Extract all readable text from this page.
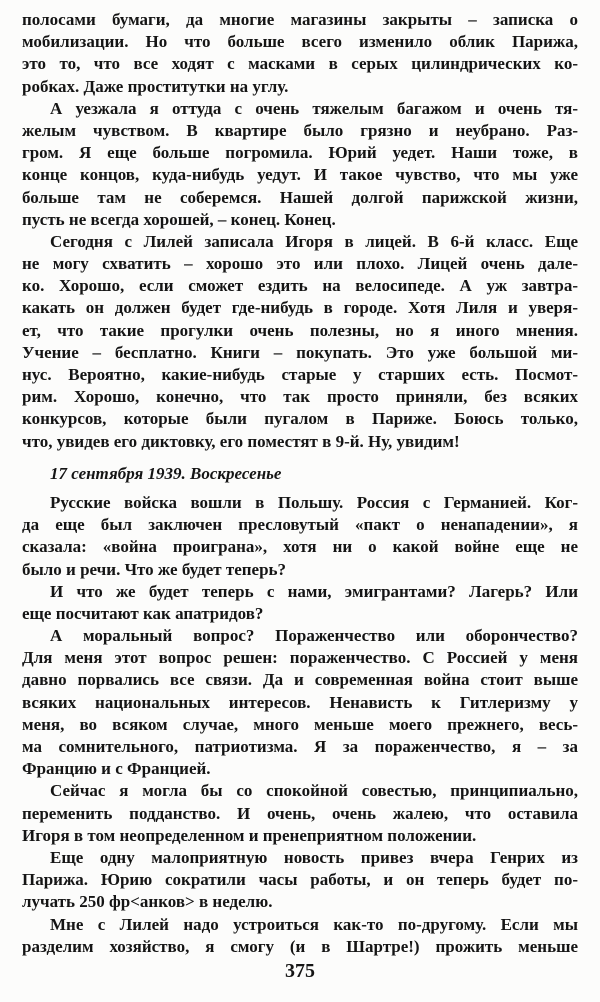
полосами бумаги, да многие магазины закрыты – записка о
мобилизации. Но что больше всего изменило облик Парижа,
это то, что все ходят с масками в серых цилиндрических ко-
робках. Даже проститутки на углу.
А уезжала я оттуда с очень тяжелым багажом и очень тя-
желым чувством. В квартире было грязно и неубрано. Раз-
гром. Я еще больше погромила. Юрий уедет. Наши тоже, в
конце концов, куда-нибудь уедут. И такое чувство, что мы уже
больше там не соберемся. Нашей долгой парижской жизни,
пусть не всегда хорошей, – конец. Конец.
Сегодня с Лилей записала Игоря в лицей. В 6-й класс. Еще
не могу схватить – хорошо это или плохо. Лицей очень дале-
ко. Хорошо, если сможет ездить на велосипеде. А уж завтра-
какать он должен будет где-нибудь в городе. Хотя Лиля и уверя-
ет, что такие прогулки очень полезны, но я иного мнения.
Учение – бесплатно. Книги – покупать. Это уже большой ми-
нус. Вероятно, какие-нибудь старые у старших есть. Посмот-
рим. Хорошо, конечно, что так просто приняли, без всяких
конкурсов, которые были пугалом в Париже. Боюсь только,
что, увидев его диктовку, его поместят в 9-й. Ну, увидим!
17 сентября 1939. Воскресенье
Русские войска вошли в Польшу. Россия с Германией. Ког-
да еще был заключен пресловутый «пакт о ненападении», я
сказала: «война проиграна», хотя ни о какой войне еще не
было и речи. Что же будет теперь?
И что же будет теперь с нами, эмигрантами? Лагерь? Или
еще посчитают как апатридов?
А моральный вопрос? Пораженчество или оборончество?
Для меня этот вопрос решен: пораженчество. С Россией у меня
давно порвались все связи. Да и современная война стоит выше
всяких национальных интересов. Ненависть к Гитлеризму у
меня, во всяком случае, много меньше моего прежнего, весь-
ма сомнительного, патриотизма. Я за пораженчество, я – за
Францию и с Францией.
Сейчас я могла бы со спокойной совестью, принципиально,
переменить подданство. И очень, очень жалею, что оставила
Игоря в том неопределенном и пренеприятном положении.
Еще одну малоприятную новость привез вчера Генрих из
Парижа. Юрию сократили часы работы, и он теперь будет по-
лучать 250 фр<анков> в неделю.
Мне с Лилей надо устроиться как-то по-другому. Если мы
разделим хозяйство, я смогу (и в Шартре!) прожить меньше
375
